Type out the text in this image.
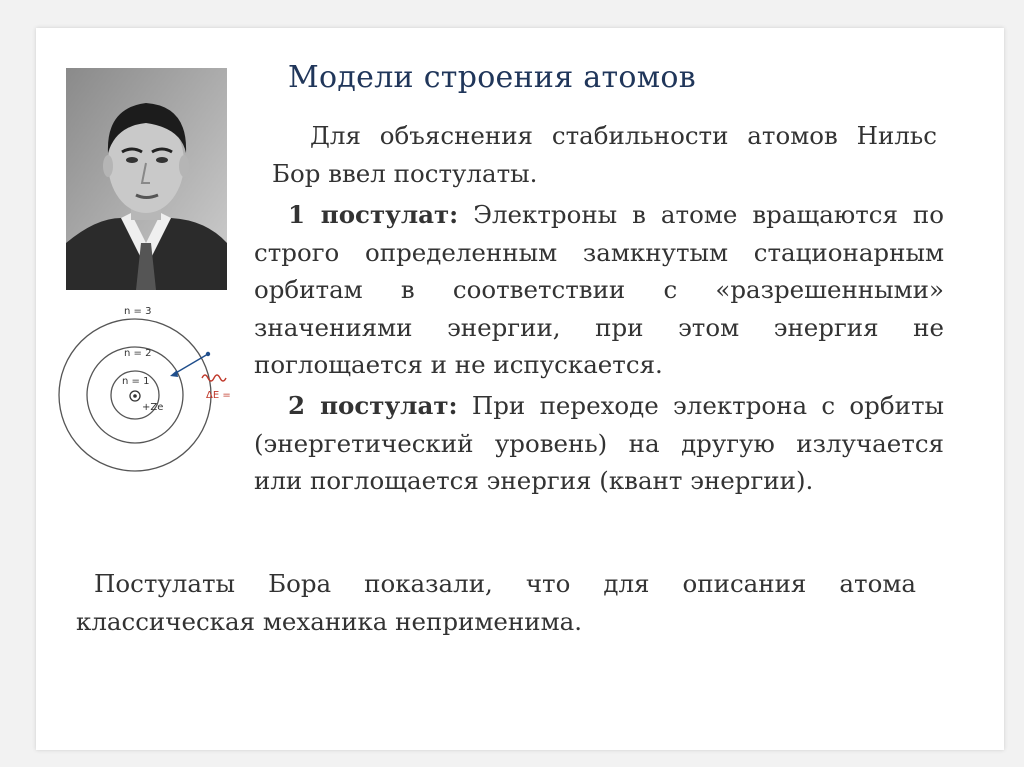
Модели строения атомов
Для объяснения стабильности атомов Нильс Бор ввел постулаты.
1 постулат: Электроны в атоме вращаются по строго определенным замкнутым стационарным орбитам в соответствии с «разрешенными» значениями энергии, при этом энергия не поглощается и не испускается.
2 постулат: При переходе электрона с орбиты (энергетический уровень) на другую излучается или поглощается энергия (квант энергии).
Постулаты Бора показали, что для описания атома классическая механика неприменима.
n = 3
n = 2
n = 1
+Ze
ΔE =
